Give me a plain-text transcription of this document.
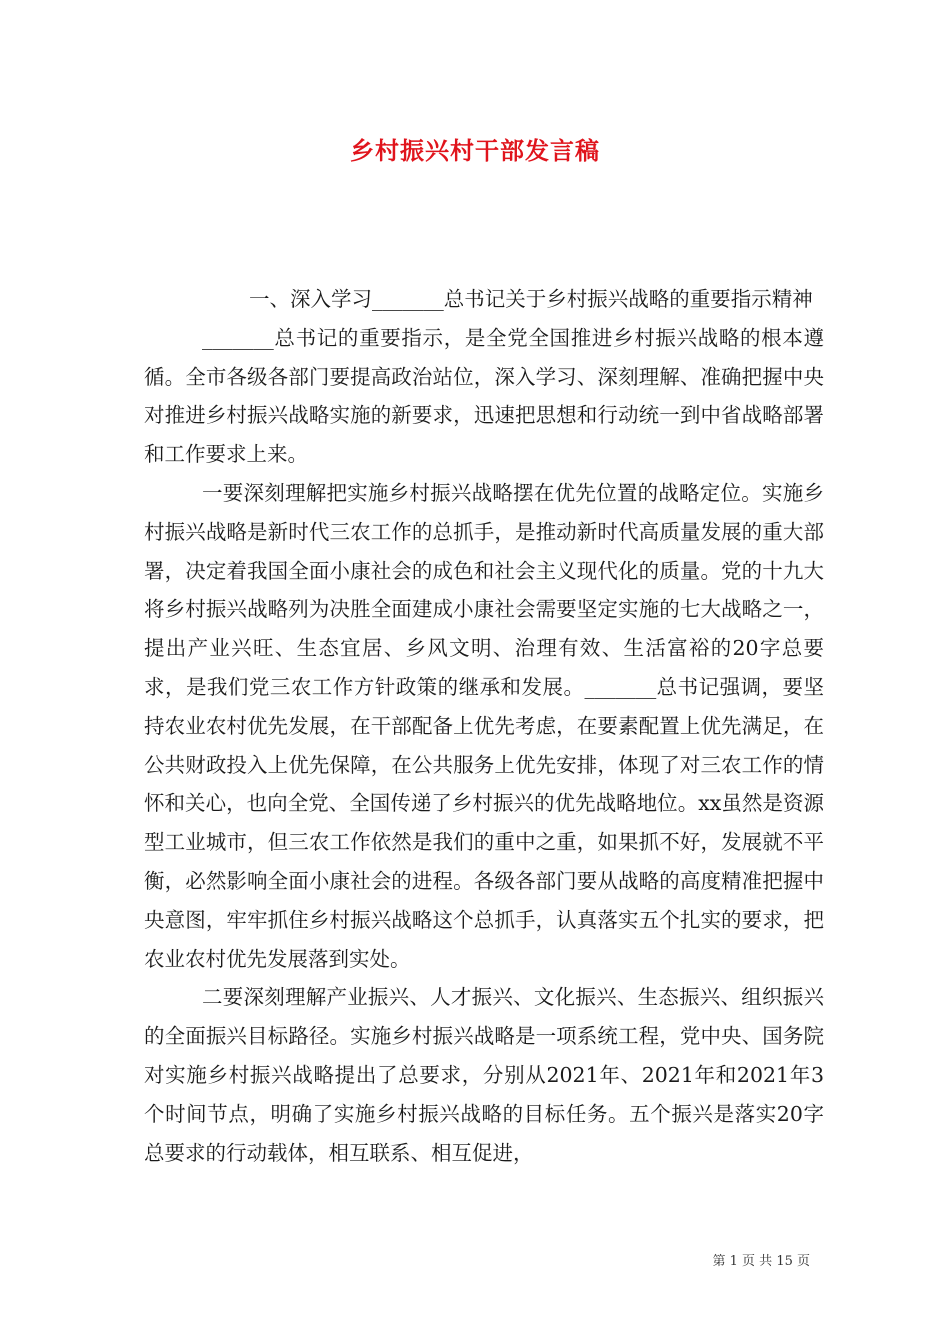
乡村振兴村干部发言稿

一、深入学习_______总书记关于乡村振兴战略的重要指示精神

_______总书记的重要指示，是全党全国推进乡村振兴战略的根本遵循。全市各级各部门要提高政治站位，深入学习、深刻理解、准确把握中央对推进乡村振兴战略实施的新要求，迅速把思想和行动统一到中省战略部署和工作要求上来。

一要深刻理解把实施乡村振兴战略摆在优先位置的战略定位。实施乡村振兴战略是新时代三农工作的总抓手，是推动新时代高质量发展的重大部署，决定着我国全面小康社会的成色和社会主义现代化的质量。党的十九大将乡村振兴战略列为决胜全面建成小康社会需要坚定实施的七大战略之一，提出产业兴旺、生态宜居、乡风文明、治理有效、生活富裕的20字总要求，是我们党三农工作方针政策的继承和发展。_______总书记强调，要坚持农业农村优先发展，在干部配备上优先考虑，在要素配置上优先满足，在公共财政投入上优先保障，在公共服务上优先安排，体现了对三农工作的情怀和关心，也向全党、全国传递了乡村振兴的优先战略地位。xx虽然是资源型工业城市，但三农工作依然是我们的重中之重，如果抓不好，发展就不平衡，必然影响全面小康社会的进程。各级各部门要从战略的高度精准把握中央意图，牢牢抓住乡村振兴战略这个总抓手，认真落实五个扎实的要求，把农业农村优先发展落到实处。

二要深刻理解产业振兴、人才振兴、文化振兴、生态振兴、组织振兴的全面振兴目标路径。实施乡村振兴战略是一项系统工程，党中央、国务院对实施乡村振兴战略提出了总要求，分别从2021年、2021年和2021年3个时间节点，明确了实施乡村振兴战略的目标任务。五个振兴是落实20字总要求的行动载体，相互联系、相互促进，

第 1 页 共 15 页
